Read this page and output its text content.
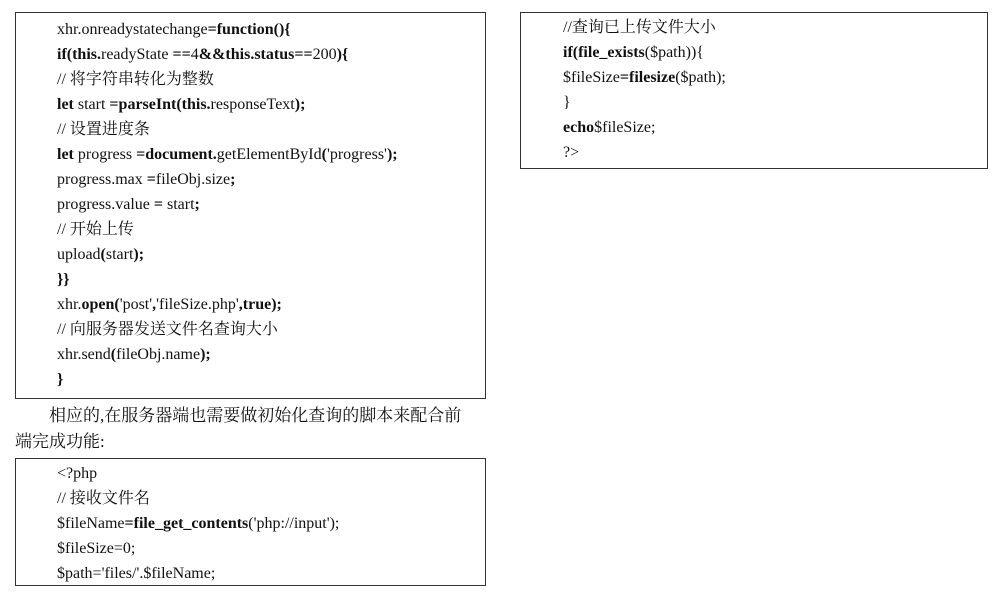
xhr.onreadystatechange=function(){
if(this.readyState ==4&&this.status==200){
// 将字符串转化为整数
let start =parseInt(this.responseText);
// 设置进度条
let progress =document.getElementById('progress');
progress.max =fileObj.size;
progress.value = start;
// 开始上传
upload(start);
}}
xhr.open('post','fileSize.php',true);
// 向服务器发送文件名查询大小
xhr.send(fileObj.name);
}
相应的,在服务器端也需要做初始化查询的脚本来配合前
端完成功能:
<?php
// 接收文件名
$fileName=file_get_contents('php://input');
$fileSize=0;
$path='files/'.$fileName;
//查询已上传文件大小
if(file_exists($path)){
$fileSize=filesize($path);
}
echo$fileSize;
?>
